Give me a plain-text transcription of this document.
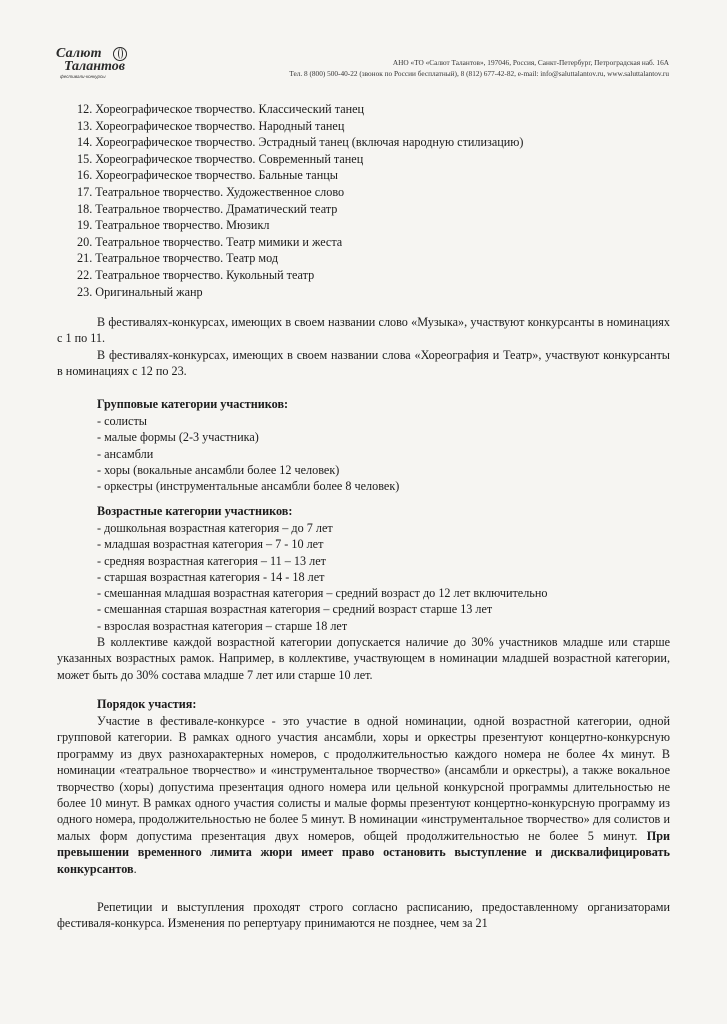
Салют
Талантов
фестивали-конкурсы
АНО «ТО «Салют Талантов», 197046, Россия, Санкт-Петербург, Петроградская наб. 16А
Тел. 8 (800) 500-40-22 (звонок по России бесплатный), 8 (812) 677-42-82, e-mail: info@saluttalantov.ru, www.saluttalantov.ru
12. Хореографическое творчество. Классический танец
13. Хореографическое творчество. Народный танец
14. Хореографическое творчество. Эстрадный танец (включая народную стилизацию)
15. Хореографическое творчество. Современный танец
16. Хореографическое творчество. Бальные танцы
17. Театральное творчество. Художественное слово
18. Театральное творчество. Драматический театр
19. Театральное творчество. Мюзикл
20. Театральное творчество. Театр мимики и жеста
21. Театральное творчество. Театр мод
22. Театральное творчество. Кукольный театр
23. Оригинальный жанр

В фестивалях-конкурсах, имеющих в своем названии слово «Музыка», участвуют конкурсанты в номинациях с 1 по 11.

В фестивалях-конкурсах, имеющих в своем названии слова «Хореография и Театр», участвуют конкурсанты в номинациях с 12 по 23.

Групповые категории участников:

- солисты
- малые формы (2-3 участника)
- ансамбли
- хоры (вокальные ансамбли более 12 человек)
- оркестры (инструментальные ансамбли более 8 человек)

Возрастные категории участников:

- дошкольная возрастная категория – до 7 лет
- младшая возрастная категория – 7 - 10 лет
- средняя возрастная категория – 11 – 13 лет
- старшая возрастная категория - 14 - 18 лет
- смешанная младшая возрастная категория – средний возраст до 12 лет включительно
- смешанная старшая возрастная категория – средний возраст старше 13 лет
- взрослая возрастная категория – старше 18 лет

В коллективе каждой возрастной категории допускается наличие до 30% участников младше или старше указанных возрастных рамок. Например, в коллективе, участвующем в номинации младшей возрастной категории, может быть до 30% состава младше 7 лет или старше 10 лет.

Порядок участия:

Участие в фестивале-конкурсе - это участие в одной номинации, одной возрастной категории, одной групповой категории. В рамках одного участия ансамбли, хоры и оркестры презентуют концертно-конкурсную программу из двух разнохарактерных номеров, с продолжительностью каждого номера не более 4х минут. В номинации «театральное творчество» и «инструментальное творчество» (ансамбли и оркестры), а также вокальное творчество (хоры) допустима презентация одного номера или цельной конкурсной программы длительностью не более 10 минут. В рамках одного участия солисты и малые формы презентуют концертно-конкурсную программу из одного номера, продолжительностью не более 5 минут. В номинации «инструментальное творчество» для солистов и малых форм допустима презентация двух номеров, общей продолжительностью не более 5 минут. При превышении временного лимита жюри имеет право остановить выступление и дисквалифицировать конкурсантов.

Репетиции и выступления проходят строго согласно расписанию, предоставленному организаторами фестиваля-конкурса. Изменения по репертуару принимаются не позднее, чем за 21
